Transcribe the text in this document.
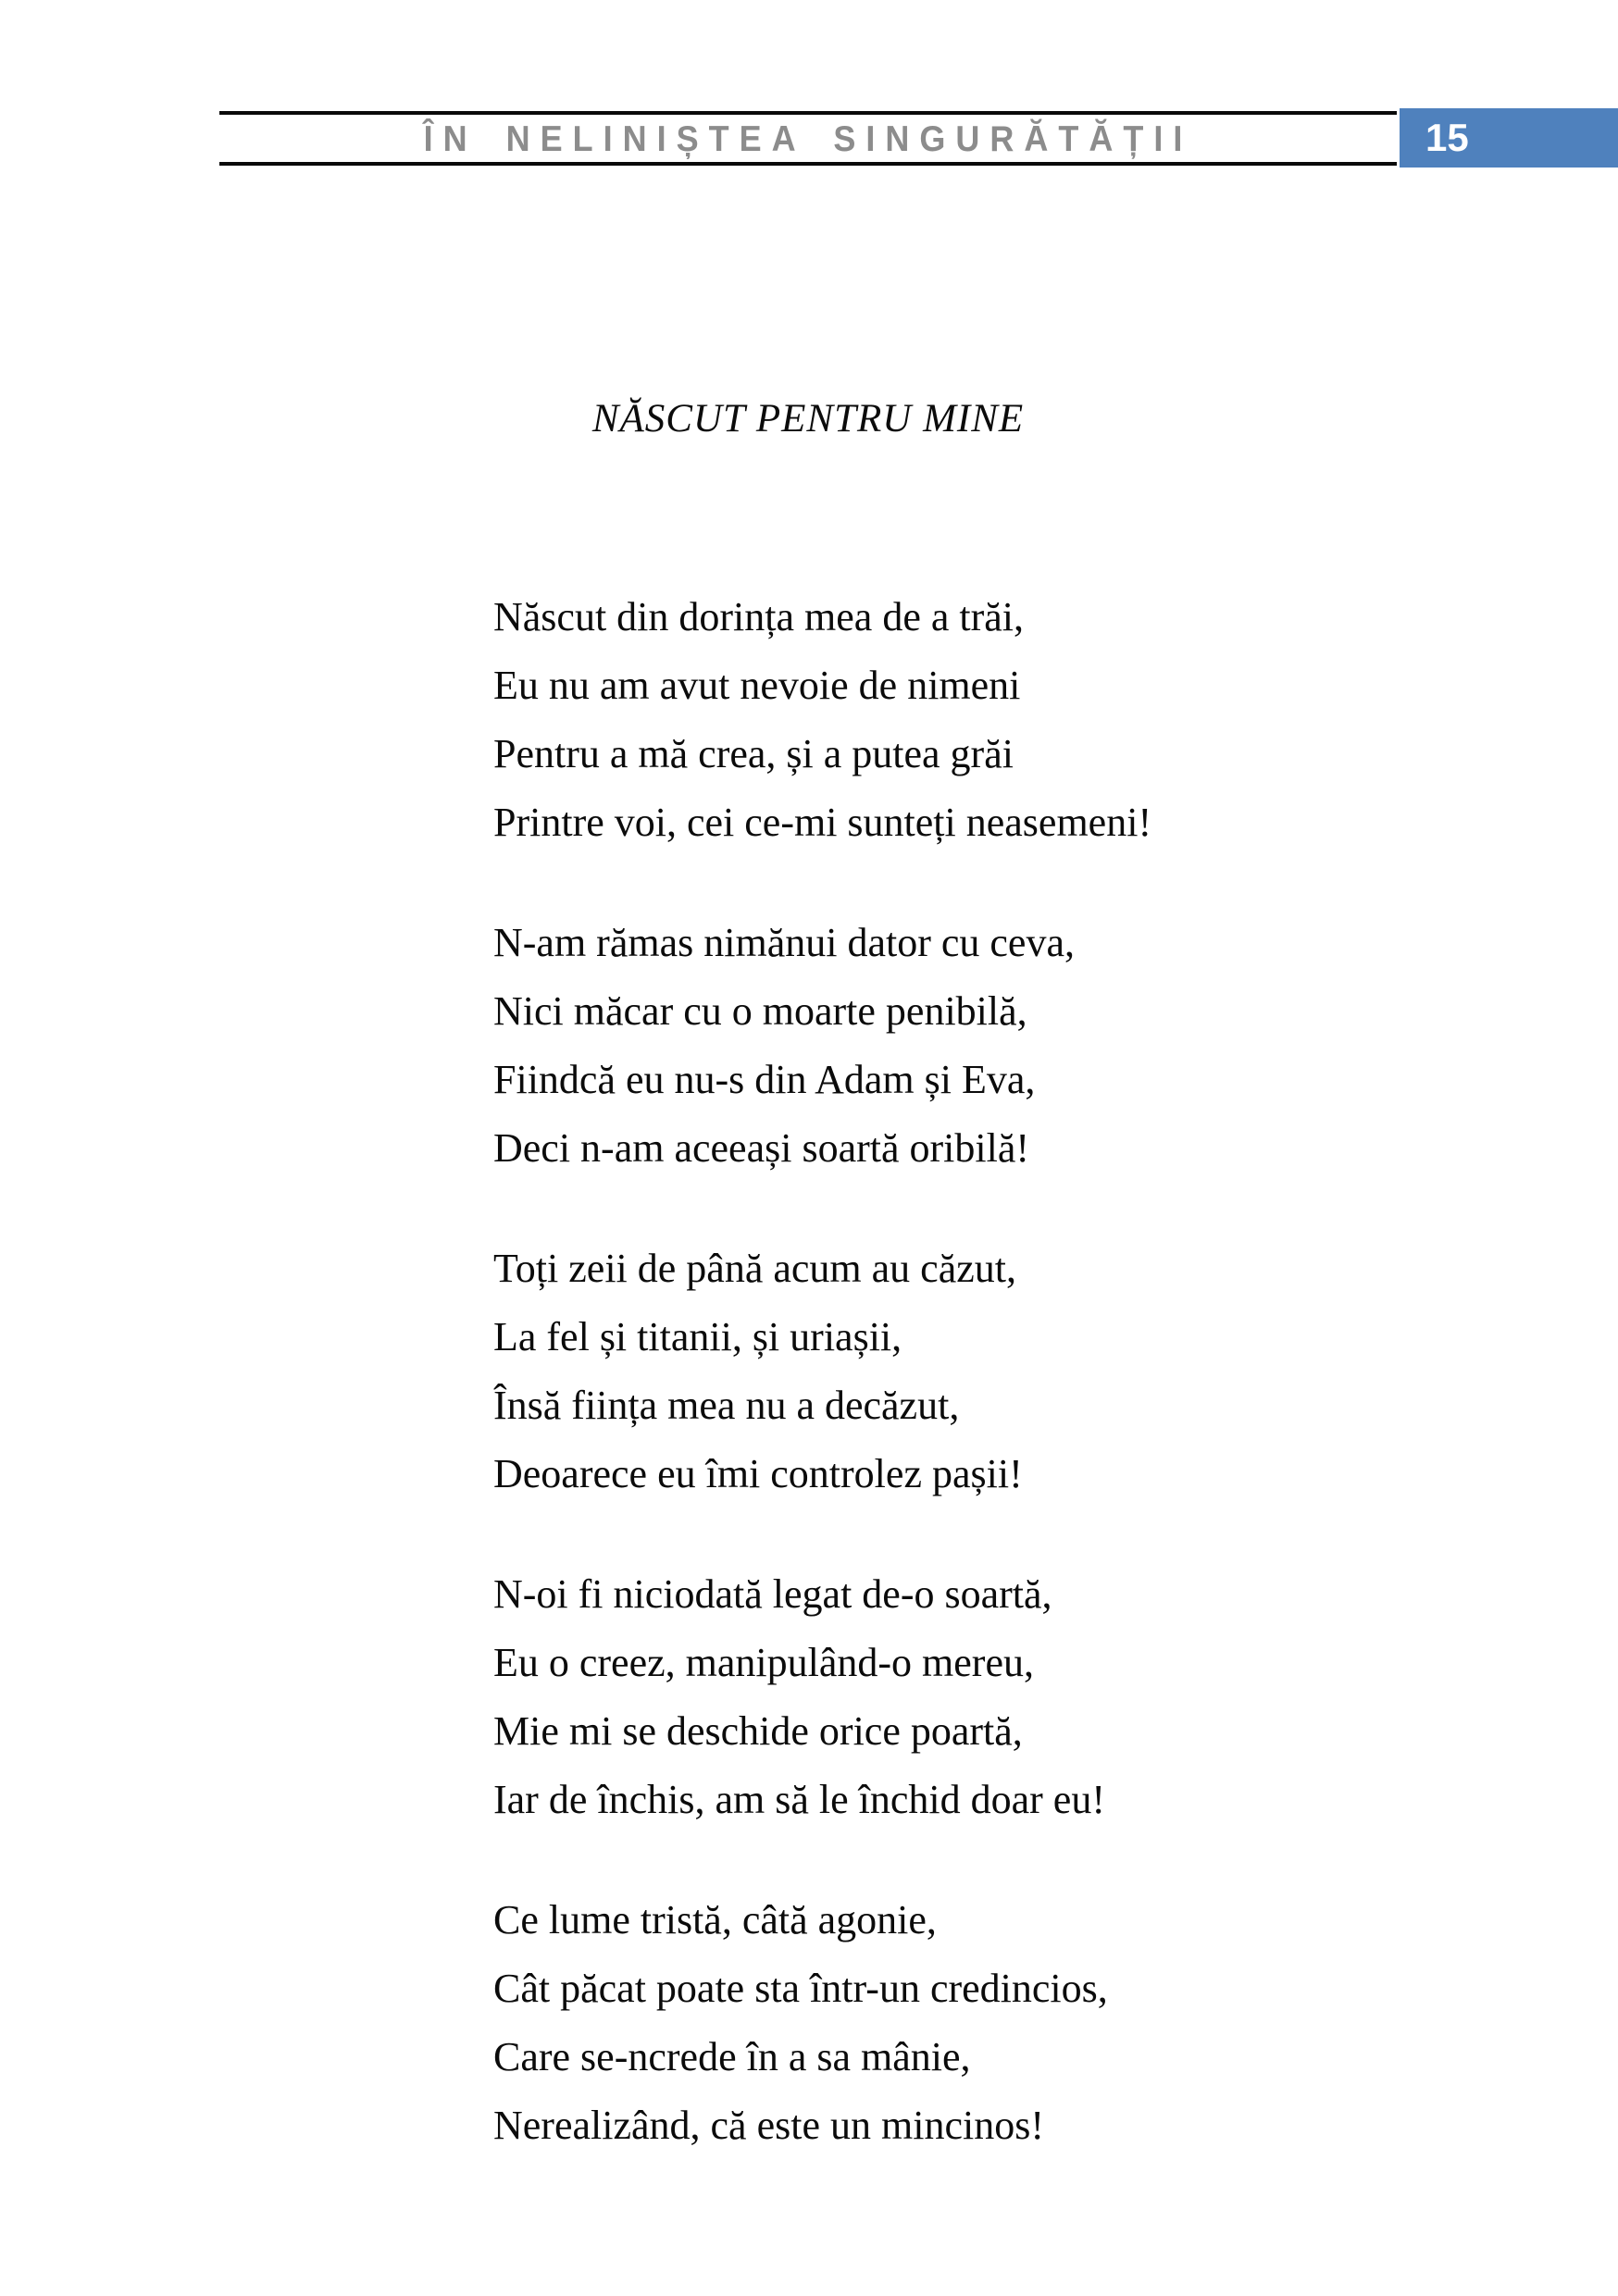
ÎN NELINIȘTEA SINGURĂTĂȚII	15
NĂSCUT PENTRU MINE
Născut din dorința mea de a trăi,
Eu nu am avut nevoie de nimeni
Pentru a mă crea, și a putea grăi
Printre voi, cei ce-mi sunteți neasemeni!
N-am rămas nimănui dator cu ceva,
Nici măcar cu o moarte penibilă,
Fiindcă eu nu-s din Adam și Eva,
Deci n-am aceeași soartă oribilă!
Toți zeii de până acum au căzut,
La fel și titanii, și uriașii,
Însă ființa mea nu a decăzut,
Deoarece eu îmi controlez pașii!
N-oi fi niciodată legat de-o soartă,
Eu o creez, manipulând-o mereu,
Mie mi se deschide orice poartă,
Iar de închis, am să le închid doar eu!
Ce lume tristă, câtă agonie,
Cât păcat poate sta într-un credincios,
Care se-ncrede în a sa mânie,
Nerealizând, că este un mincinos!
